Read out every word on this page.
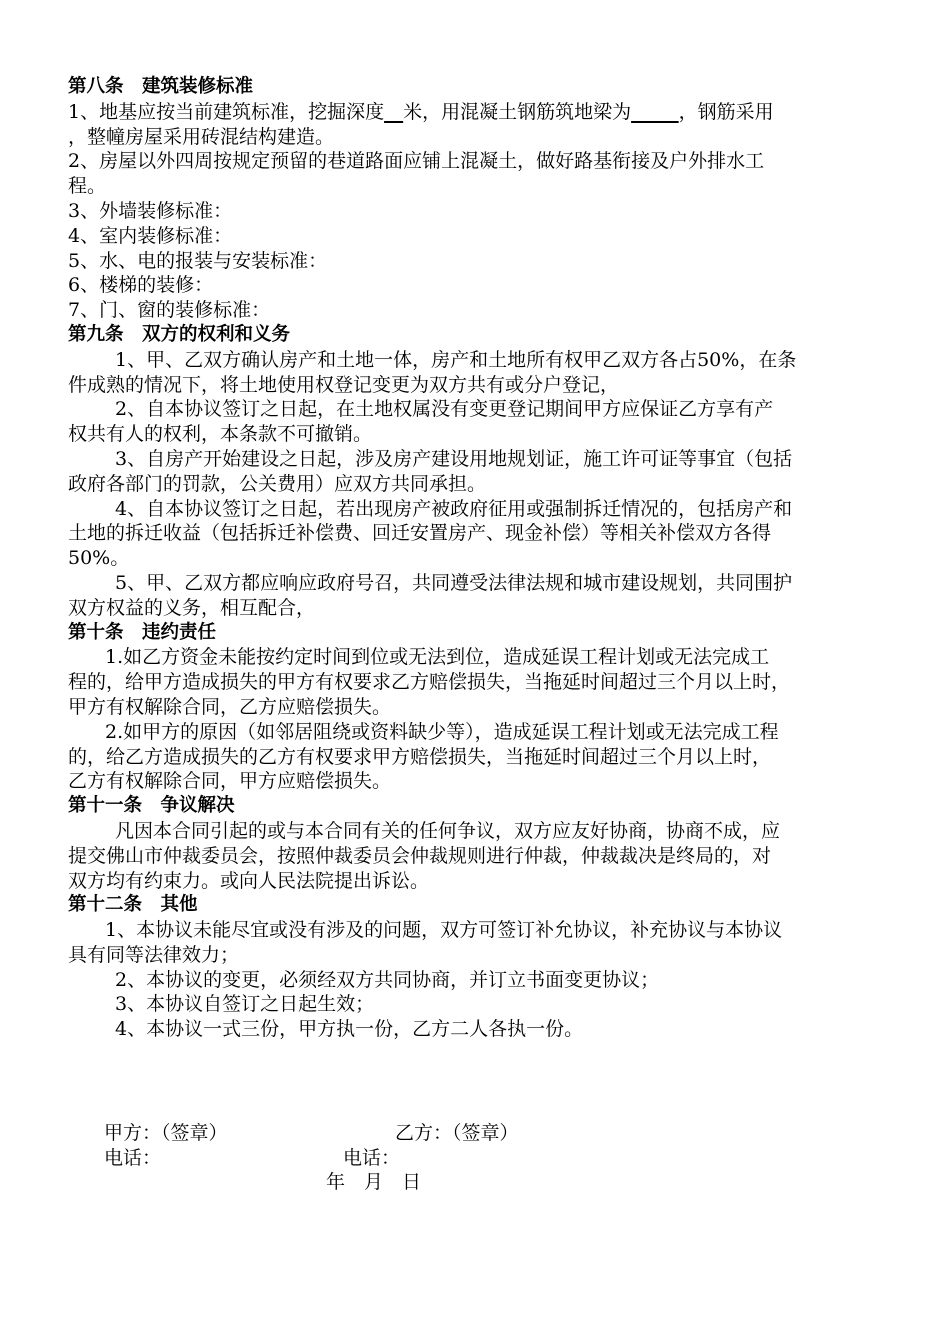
第八条　建筑装修标准
1、地基应按当前建筑标准，挖掘深度__米，用混凝土钢筋筑地梁为_____，钢筋采用
，整幢房屋采用砖混结构建造。
2、房屋以外四周按规定预留的巷道路面应铺上混凝土，做好路基衔接及户外排水工
程。
3、外墙装修标准：
4、室内装修标准：
5、水、电的报装与安装标准：
6、楼梯的装修：
7、门、窗的装修标准：
第九条　双方的权利和义务
1、甲、乙双方确认房产和土地一体，房产和土地所有权甲乙双方各占50%，在条
件成熟的情况下，将土地使用权登记变更为双方共有或分户登记，
2、自本协议签订之日起，在土地权属没有变更登记期间甲方应保证乙方享有产
权共有人的权利，本条款不可撤销。
3、自房产开始建设之日起，涉及房产建设用地规划证，施工许可证等事宜（包括
政府各部门的罚款，公关费用）应双方共同承担。
4、自本协议签订之日起，若出现房产被政府征用或强制拆迁情况的，包括房产和
土地的拆迁收益（包括拆迁补偿费、回迁安置房产、现金补偿）等相关补偿双方各得
50%。
5、甲、乙双方都应响应政府号召，共同遵受法律法规和城市建设规划，共同围护
双方权益的义务，相互配合，
第十条　违约责任
1.如乙方资金未能按约定时间到位或无法到位，造成延误工程计划或无法完成工
程的，给甲方造成损失的甲方有权要求乙方赔偿损失，当拖延时间超过三个月以上时，
甲方有权解除合同，乙方应赔偿损失。
2.如甲方的原因（如邻居阻绕或资料缺少等），造成延误工程计划或无法完成工程
的，给乙方造成损失的乙方有权要求甲方赔偿损失，当拖延时间超过三个月以上时，
乙方有权解除合同，甲方应赔偿损失。
第十一条　争议解决
凡因本合同引起的或与本合同有关的任何争议，双方应友好协商，协商不成，应
提交佛山市仲裁委员会，按照仲裁委员会仲裁规则进行仲裁，仲裁裁决是终局的，对
双方均有约束力。或向人民法院提出诉讼。
第十二条　其他
1、本协议未能尽宜或没有涉及的问题，双方可签订补允协议，补充协议与本协议
具有同等法律效力；
2、本协议的变更，必须经双方共同协商，并订立书面变更协议；
3、本协议自签订之日起生效；
4、本协议一式三份，甲方执一份，乙方二人各执一份。
甲方：（签章）	乙方：（签章）
电话：	电话：
年　月　日
